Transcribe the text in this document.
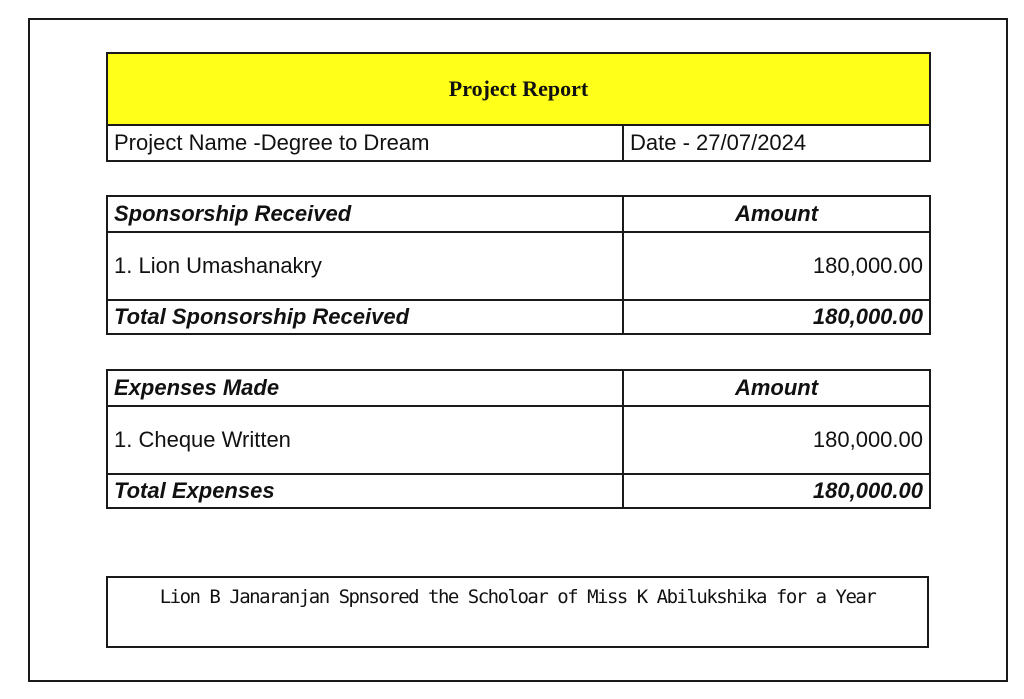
Project Report
Project Name -Degree to Dream	Date - 27/07/2024
Sponsorship Received	Amount
1. Lion Umashanakry	180,000.00
Total Sponsorship Received	180,000.00
Expenses Made	Amount
1. Cheque Written	180,000.00
Total Expenses	180,000.00
Lion B Janaranjan Spnsored the Scholoar of Miss K Abilukshika for a Year
